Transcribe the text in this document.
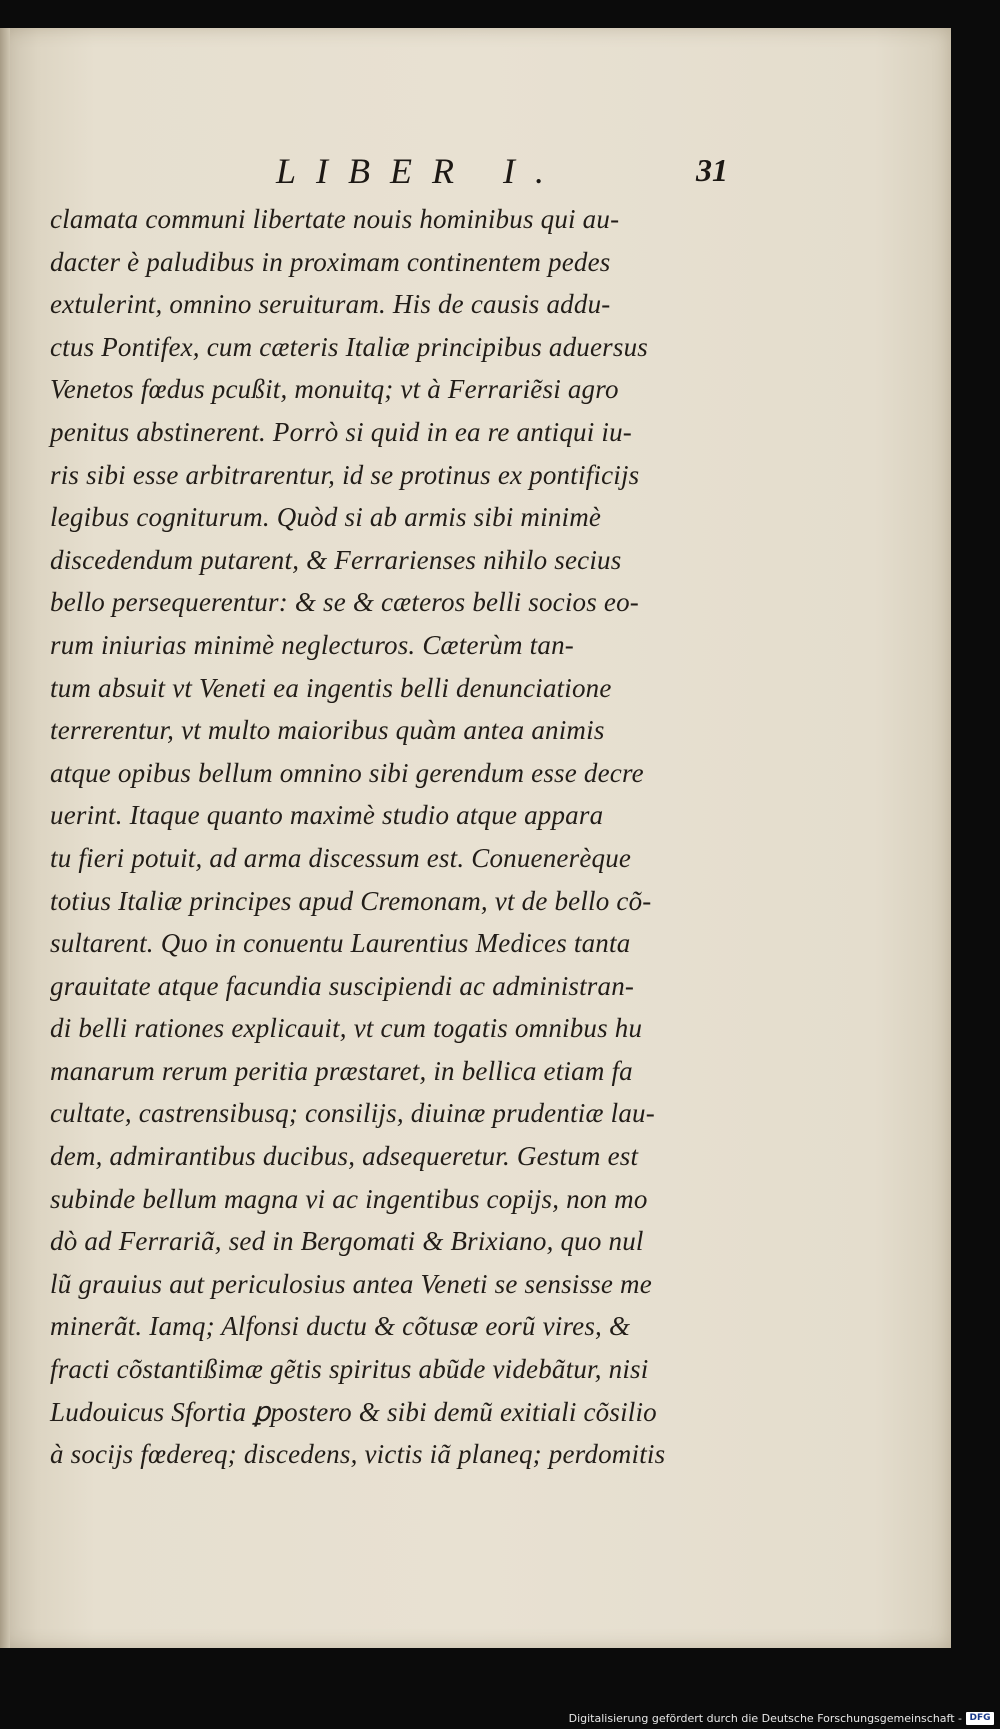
LIBER I.	31
clamata communi libertate nouis hominibus qui au-
dacter è paludibus in proximam continentem pedes
extulerint, omnino seruituram. His de causis addu-
ctus Pontifex, cum cæteris Italiæ principibus aduersus
Venetos fœdus pcußit, monuitq; vt à Ferrariẽsi agro
penitus abstinerent. Porrò si quid in ea re antiqui iu-
ris sibi esse arbitrarentur, id se protinus ex pontificijs
legibus cogniturum. Quòd si ab armis sibi minimè
discedendum putarent, & Ferrarienses nihilo secius
bello persequerentur: & se & cæteros belli socios eo-
rum iniurias minimè neglecturos. Cæterùm tan-
tum absuit vt Veneti ea ingentis belli denunciatione
terrerentur, vt multo maioribus quàm antea animis
atque opibus bellum omnino sibi gerendum esse decre
uerint. Itaque quanto maximè studio atque appara
tu fieri potuit, ad arma discessum est. Conuenerèque
totius Italiæ principes apud Cremonam, vt de bello cõ-
sultarent. Quo in conuentu Laurentius Medices tanta
grauitate atque facundia suscipiendi ac administran-
di belli rationes explicauit, vt cum togatis omnibus hu
manarum rerum peritia præstaret, in bellica etiam fa
cultate, castrensibusq; consilijs, diuinæ prudentiæ lau-
dem, admirantibus ducibus, adsequeretur. Gestum est
subinde bellum magna vi ac ingentibus copijs, non mo
dò ad Ferrariã, sed in Bergomati & Brixiano, quo nul
lũ grauius aut periculosius antea Veneti se sensisse me
minerãt. Iamq; Alfonsi ductu & cõtusæ eorũ vires, &
fracti cõstantißimæ gẽtis spiritus abũde videbãtur, nisi
Ludouicus Sfortia ꝑpostero & sibi demũ exitiali cõsilio
à socijs fœdereq; discedens, victis iã planeq; perdomitis
Digitalisierung gefördert durch die Deutsche Forschungsgemeinschaft - DFG
